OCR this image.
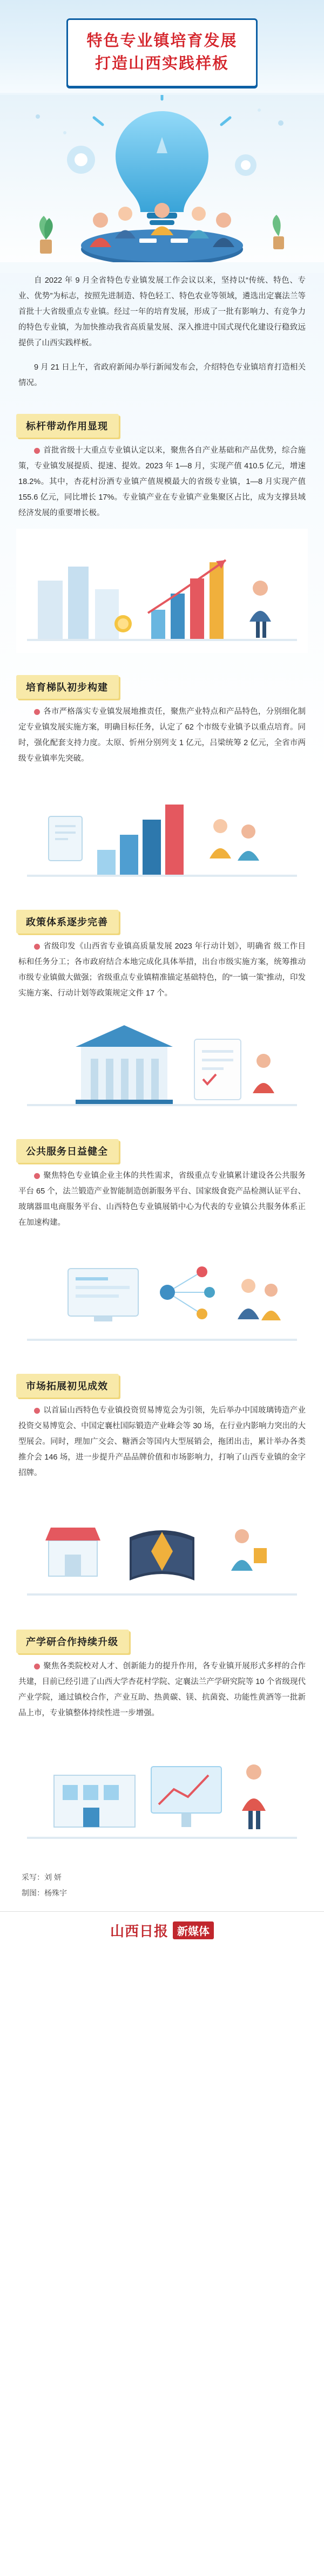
特色专业镇培育发展
打造山西实践样板

自 2022 年 9 月全省特色专业镇发展工作会议以来，坚持以“传统、特色、专业、优势”为标志，按照先进制造、特色轻工、特色农业等领域，遴选出定襄法兰等首批十大省级重点专业镇。经过一年的培育发展，形成了一批有影响力、有竞争力的特色专业镇，为加快推动我省高质量发展、深入推进中国式现代化建设行稳致远提供了山西实践样板。

9 月 21 日上午，省政府新闻办举行新闻发布会，介绍特色专业镇培育打造相关情况。

标杆带动作用显现

首批省级十大重点专业镇认定以来，聚焦各自产业基础和产品优势，综合施策，专业镇发展提质、提速、提效。2023 年 1—8 月，实现产值 410.5 亿元，增速 18.2%。其中，杏花村汾酒专业镇产值规模最大的省级专业镇，1—8 月实现产值 155.6 亿元，同比增长 17%。专业镇产业在专业镇产业集聚区占比，成为支撑县域经济发展的重要增长极。

培育梯队初步构建

各市严格落实专业镇发展地推责任，聚焦产业特点和产品特色，分别细化制定专业镇发展实施方案，明确目标任务，认定了 62 个市级专业镇予以重点培育。同时，强化配套支持力度。太原、忻州分别列支 1 亿元，吕梁统筹 2 亿元，全省市两级专业镇率先突破。

政策体系逐步完善

省级印发《山西省专业镇高质量发展 2023 年行动计划》，明确省 级工作目标和任务分工；各市政府结合本地完成化具体举措，出台市级实施方案，统筹推动市级专业镇做大做强；省级重点专业镇精准锚定基础特色，的“一镇一策”推动，印发实施方案、行动计划等政策规定文件 17 个。

公共服务日益健全

聚焦特色专业镇企业主体的共性需求，省级重点专业镇累计建设各公共服务平台 65 个，法兰锻造产业智能制造创新服务平台、国家级食瓷产品检测认证平台、玻璃器皿电商服务平台、山西特色专业镇展销中心为代表的专业镇公共服务体系正在加速构建。

市场拓展初见成效

以首届山西特色专业镇投资贸易博览会为引领，先后举办中国玻璃铸造产业投资交易博览会、中国定襄杜国际锻造产业峰会等 30 场，在行业内影响力突出的大型展会。同时，理加广交会、糖酒会等国内大型展销会，拖团出击，累计举办各类推介会 146 场，进一步提升产品品牌价值和市场影响力，打响了山西专业镇的金字招牌。

产学研合作持续升级

聚焦各类院校对人才、创新能力的提升作用，各专业镇开展形式多样的合作共建，目前已经引进了山西大学杏花村学院、定襄法兰产学研究院等 10 个省级现代产业学院，通过镇校合作，产业互助、热黄碳、镁、抗菌瓷、功能性黄酒等一批新品上市，专业镇整体持续性进一步增强。

采写：刘 妍
制图：杨殊宇
山西日报 新媒体
